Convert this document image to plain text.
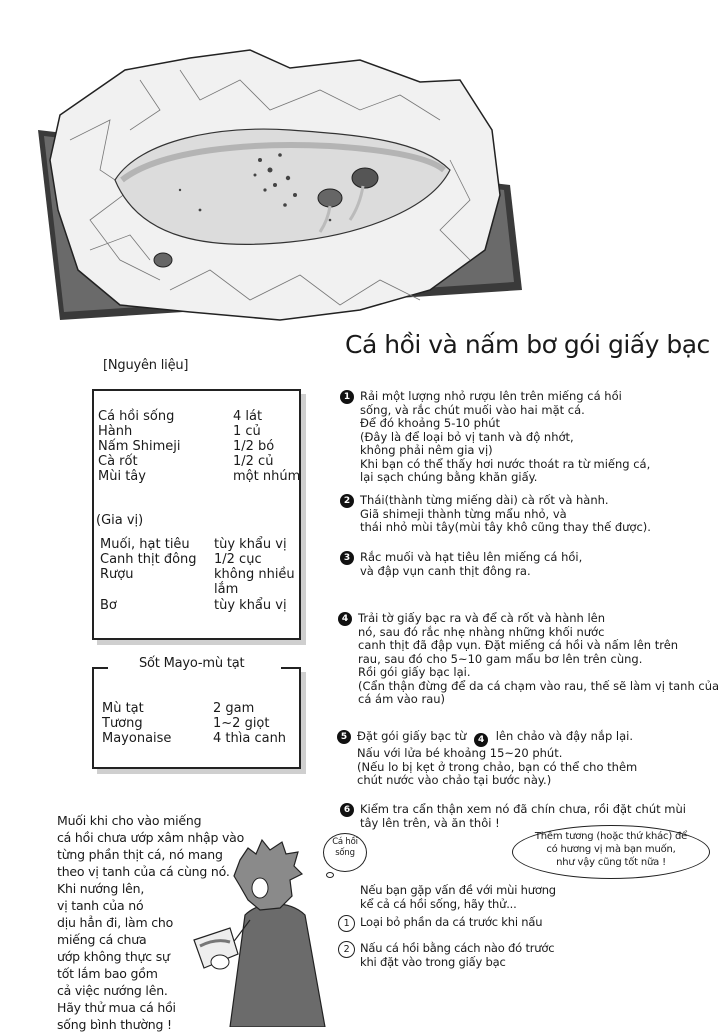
Cá hồi và nấm bơ gói giấy bạc
[Nguyên liệu]
Cá hồi sống	4 lát
Hành	1 củ
Nấm Shimeji	1/2 bó
Cà rốt	1/2 củ
Mùi tây	một nhúm
(Gia vị)
Muối, hạt tiêu tùy khẩu vị
Canh thịt đông 1/2 cục
Rượu	không nhiều
lắm
Bơ	tùy khẩu vị
Mù tạt	2 gam
Tương	1~2 giọt
Mayonaise	4 thìa canh
Sốt Mayo-mù tạt
1 Rải một lượng nhỏ rượu lên trên miếng cá hồi
sống, và rắc chút muối vào hai mặt cá.
Để đó khoảng 5-10 phút
(Đây là để loại bỏ vị tanh và độ nhớt,
không phải nêm gia vị)
Khi bạn có thể thấy hơi nước thoát ra từ miếng cá,
lại sạch chúng bằng khăn giấy.
2 Thái(thành từng miếng dài) cà rốt và hành.
Giã shimeji thành từng mẩu nhỏ, và
thái nhỏ mùi tây(mùi tây khô cũng thay thế được).
3 Rắc muối và hạt tiêu lên miếng cá hồi,
và đập vụn canh thịt đông ra.
4 Trải tờ giấy bạc ra và để cà rốt và hành lên
nó, sau đó rắc nhẹ nhàng những khối nước
canh thịt đã đập vụn. Đặt miếng cá hồi và nấm lên trên
rau, sau đó cho 5~10 gam mẩu bơ lên trên cùng.
Rồi gói giấy bạc lại.
(Cẩn thận đừng để da cá chạm vào rau, thế sẽ làm vị tanh của
cá ám vào rau)
5 Đặt gói giấy bạc từ 4 lên chảo và đậy nắp lại.
Nấu với lửa bé khoảng 15~20 phút.
(Nếu lo bị kẹt ở trong chảo, bạn có thể cho thêm
chút nước vào chảo tại bước này.)
6 Kiểm tra cẩn thận xem nó đã chín chưa, rồi đặt chút mùi
tây lên trên, và ăn thôi !
Thêm tương (hoặc thứ khác) để
có hương vị mà bạn muốn,
như vậy cũng tốt nữa !
Muối khi cho vào miếng
cá hồi chưa ướp xâm nhập vào
từng phần thịt cá, nó mang
theo vị tanh của cá cùng nó.
Khi nướng lên,
vị tanh của nó
dịu hẳn đi, làm cho
miếng cá chưa
ướp không thực sự
tốt lắm bao gồm
cả việc nướng lên.
Hãy thử mua cá hồi
sống bình thường !
Cá hồi
sống
Nếu bạn gặp vấn đề với mùi hương
kể cả cá hồi sống, hãy thử...
1 Loại bỏ phần da cá trước khi nấu
2 Nấu cá hồi bằng cách nào đó trước
khi đặt vào trong giấy bạc
